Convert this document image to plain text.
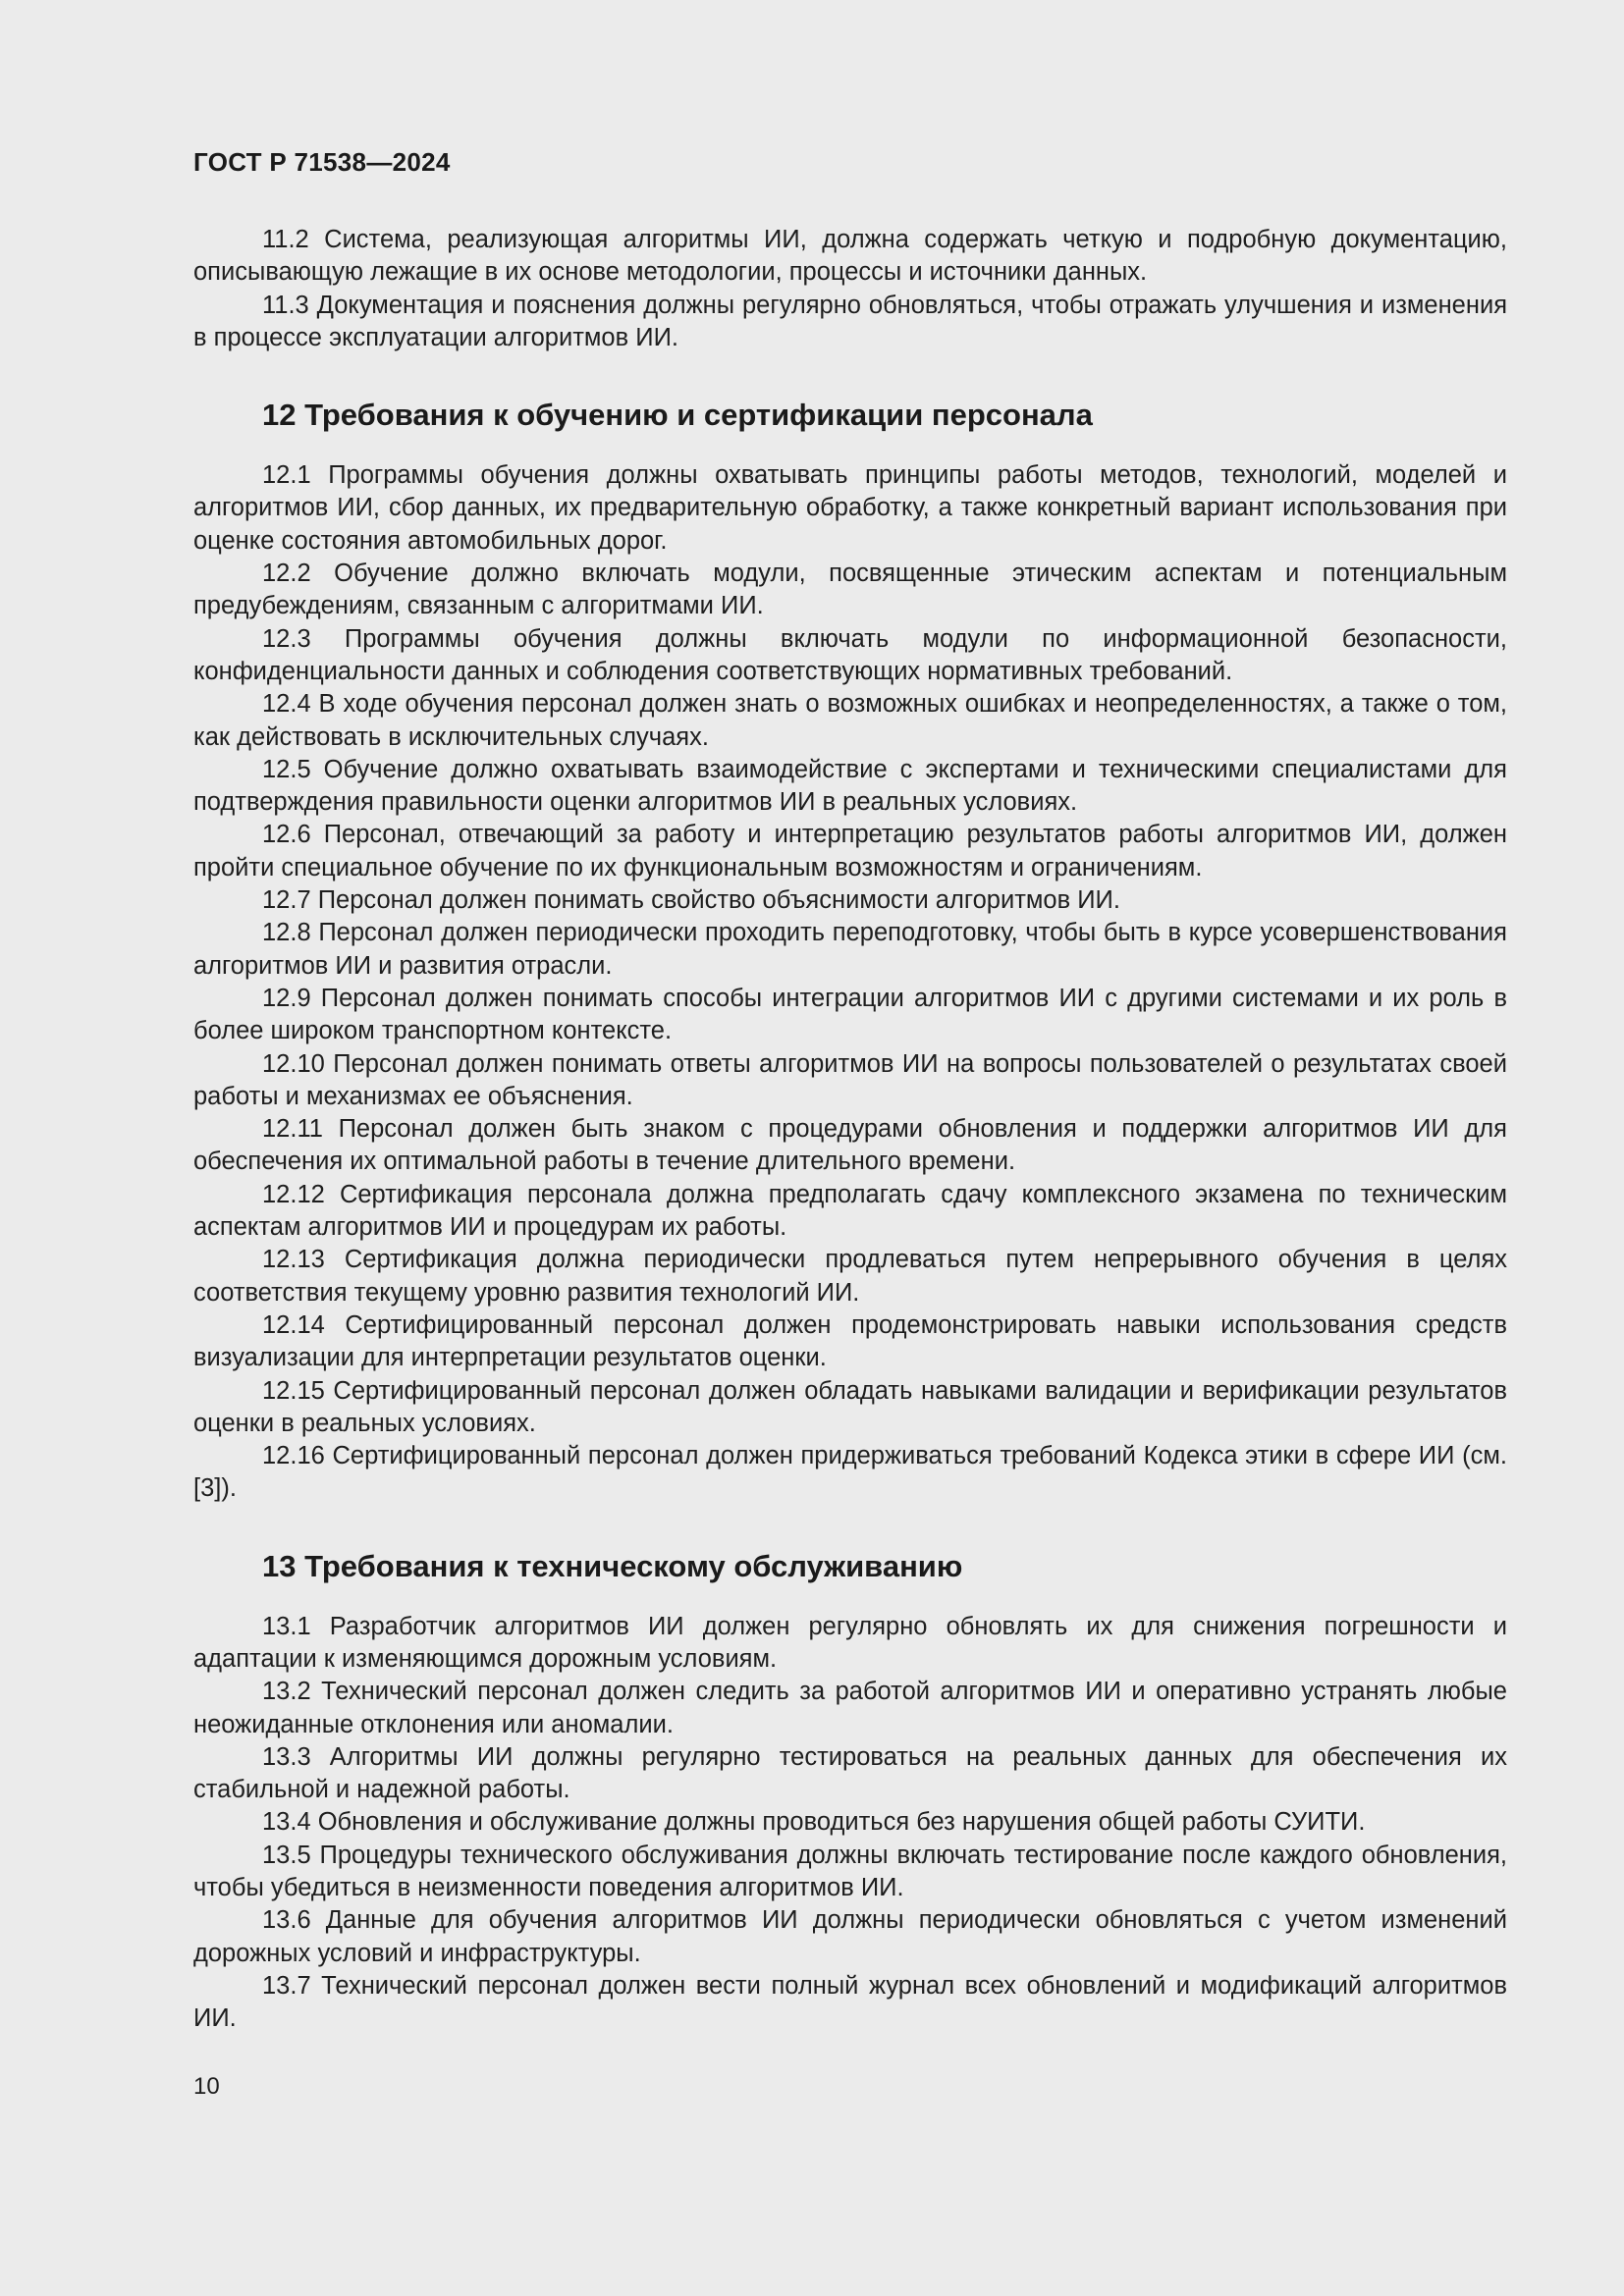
ГОСТ Р 71538—2024

11.2 Система, реализующая алгоритмы ИИ, должна содержать четкую и подробную документацию, описывающую лежащие в их основе методологии, процессы и источники данных.

11.3 Документация и пояснения должны регулярно обновляться, чтобы отражать улучшения и изменения в процессе эксплуатации алгоритмов ИИ.

12 Требования к обучению и сертификации персонала

12.1 Программы обучения должны охватывать принципы работы методов, технологий, моделей и алгоритмов ИИ, сбор данных, их предварительную обработку, а также конкретный вариант использования при оценке состояния автомобильных дорог.

12.2 Обучение должно включать модули, посвященные этическим аспектам и потенциальным предубеждениям, связанным с алгоритмами ИИ.

12.3 Программы обучения должны включать модули по информационной безопасности, конфиденциальности данных и соблюдения соответствующих нормативных требований.

12.4 В ходе обучения персонал должен знать о возможных ошибках и неопределенностях, а также о том, как действовать в исключительных случаях.

12.5 Обучение должно охватывать взаимодействие с экспертами и техническими специалистами для подтверждения правильности оценки алгоритмов ИИ в реальных условиях.

12.6 Персонал, отвечающий за работу и интерпретацию результатов работы алгоритмов ИИ, должен пройти специальное обучение по их функциональным возможностям и ограничениям.

12.7 Персонал должен понимать свойство объяснимости алгоритмов ИИ.

12.8 Персонал должен периодически проходить переподготовку, чтобы быть в курсе усовершенствования алгоритмов ИИ и развития отрасли.

12.9 Персонал должен понимать способы интеграции алгоритмов ИИ с другими системами и их роль в более широком транспортном контексте.

12.10 Персонал должен понимать ответы алгоритмов ИИ на вопросы пользователей о результатах своей работы и механизмах ее объяснения.

12.11 Персонал должен быть знаком с процедурами обновления и поддержки алгоритмов ИИ для обеспечения их оптимальной работы в течение длительного времени.

12.12 Сертификация персонала должна предполагать сдачу комплексного экзамена по техническим аспектам алгоритмов ИИ и процедурам их работы.

12.13 Сертификация должна периодически продлеваться путем непрерывного обучения в целях соответствия текущему уровню развития технологий ИИ.

12.14 Сертифицированный персонал должен продемонстрировать навыки использования средств визуализации для интерпретации результатов оценки.

12.15 Сертифицированный персонал должен обладать навыками валидации и верификации результатов оценки в реальных условиях.

12.16 Сертифицированный персонал должен придерживаться требований Кодекса этики в сфере ИИ (см. [3]).

13 Требования к техническому обслуживанию

13.1 Разработчик алгоритмов ИИ должен регулярно обновлять их для снижения погрешности и адаптации к изменяющимся дорожным условиям.

13.2 Технический персонал должен следить за работой алгоритмов ИИ и оперативно устранять любые неожиданные отклонения или аномалии.

13.3 Алгоритмы ИИ должны регулярно тестироваться на реальных данных для обеспечения их стабильной и надежной работы.

13.4 Обновления и обслуживание должны проводиться без нарушения общей работы СУИТИ.

13.5 Процедуры технического обслуживания должны включать тестирование после каждого обновления, чтобы убедиться в неизменности поведения алгоритмов ИИ.

13.6 Данные для обучения алгоритмов ИИ должны периодически обновляться с учетом изменений дорожных условий и инфраструктуры.

13.7 Технический персонал должен вести полный журнал всех обновлений и модификаций алгоритмов ИИ.

10
